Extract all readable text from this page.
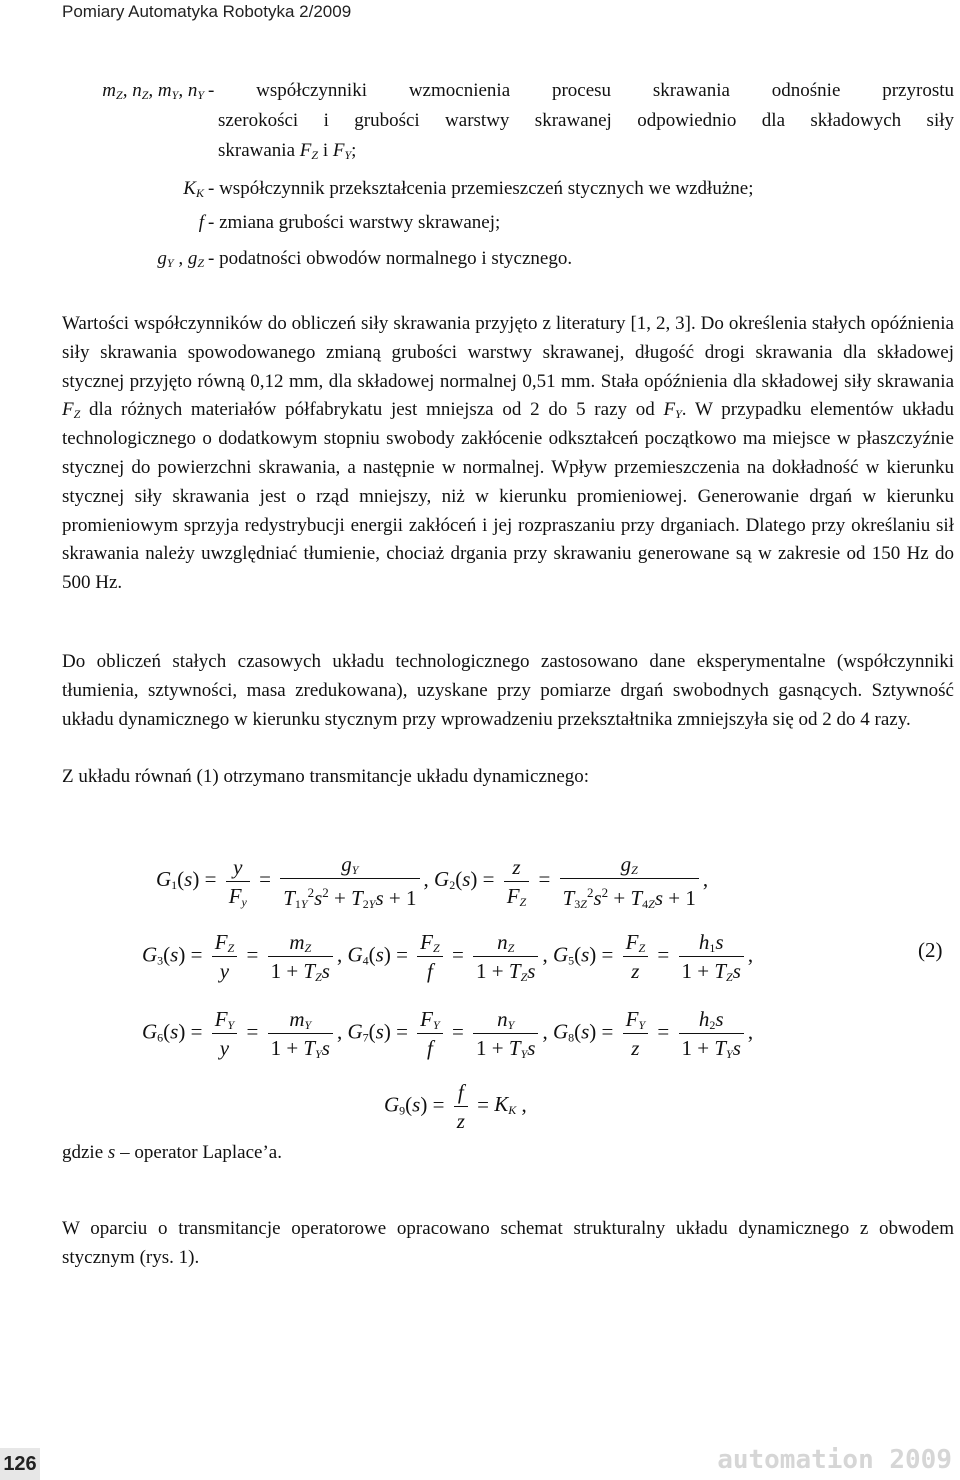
Pomiary Automatyka Robotyka 2/2009
$m_Z$, $n_Z$, $m_Y$, $n_Y$ - współczynniki wzmocnienia procesu skrawania odnośnie przyrostu
szerokości i grubości warstwy skrawanej odpowiednio dla składowych siły
skrawania $F_Z$ i $F_Y$;
$K_K$ - współczynnik przekształcenia przemieszczeń stycznych we wzdłużne;
f - zmiana grubości warstwy skrawanej;
$g_Y$ , $g_Z$ - podatności obwodów normalnego i stycznego.

Wartości współczynników do obliczeń siły skrawania przyjęto z literatury [1, 2, 3]. Do określenia stałych opóźnienia siły skrawania spowodowanego zmianą grubości warstwy skrawanej, długość drogi skrawania dla składowej stycznej przyjęto równą 0,12 mm, dla składowej normalnej 0,51 mm. Stała opóźnienia dla składowej siły skrawania $F_Z$ dla różnych materiałów półfabrykatu jest mniejsza od 2 do 5 razy od $F_Y$. W przypadku elementów układu technologicznego o dodatkowym stopniu swobody zakłócenie odkształceń początkowo ma miejsce w płaszczyźnie stycznej do powierzchni skrawania, a następnie w normalnej. Wpływ przemieszczenia na dokładność w kierunku stycznej siły skrawania jest o rząd mniejszy, niż w kierunku promieniowej. Generowanie drgań w kierunku promieniowym sprzyja redystrybucji energii zakłóceń i jej rozpraszaniu przy drganiach. Dlatego przy określaniu sił skrawania należy uwzględniać tłumienie, chociaż drgania przy skrawaniu generowane są w zakresie od 150 Hz do 500 Hz.

Do obliczeń stałych czasowych układu technologicznego zastosowano dane eksperymentalne (współczynniki tłumienia, sztywności, masa zredukowana), uzyskane przy pomiarze drgań swobodnych gasnących. Sztywność układu dynamicznego w kierunku stycznym przy wprowadzeniu przekształtnika zmniejszyła się od 2 do 4 razy.

Z układu równań (1) otrzymano transmitancje układu dynamicznego:

$G_1(s) = \frac{y}{F_y} = \frac{g_Y}{T_{1Y}^2s^2 + T_{2Y}s + 1}$ , $G_2(s) = \frac{z}{F_Z} = \frac{g_Z}{T_{3Z}^2s^2 + T_{4Z}s + 1}$ ,
$G_3(s) = \frac{F_Z}{y} = \frac{m_Z}{1 + T_Zs}$ , $G_4(s) = \frac{F_Z}{f} = \frac{n_Z}{1 + T_Zs}$ , $G_5(s) = \frac{F_Z}{z} = \frac{h_1s}{1 + T_Zs}$ ,
$G_6(s) = \frac{F_Y}{y} = \frac{m_Y}{1 + T_Ys}$ , $G_7(s) = \frac{F_Y}{f} = \frac{n_Y}{1 + T_Ys}$ , $G_8(s) = \frac{F_Y}{z} = \frac{h_2s}{1 + T_Ys}$ ,
$G_9(s) = \frac{f}{z} = K_K$ ,
(2)
gdzie s – operator Laplace’a.

W oparciu o transmitancje operatorowe opracowano schemat strukturalny układu dynamicznego z obwodem stycznym (rys. 1).

126	automation 2009
